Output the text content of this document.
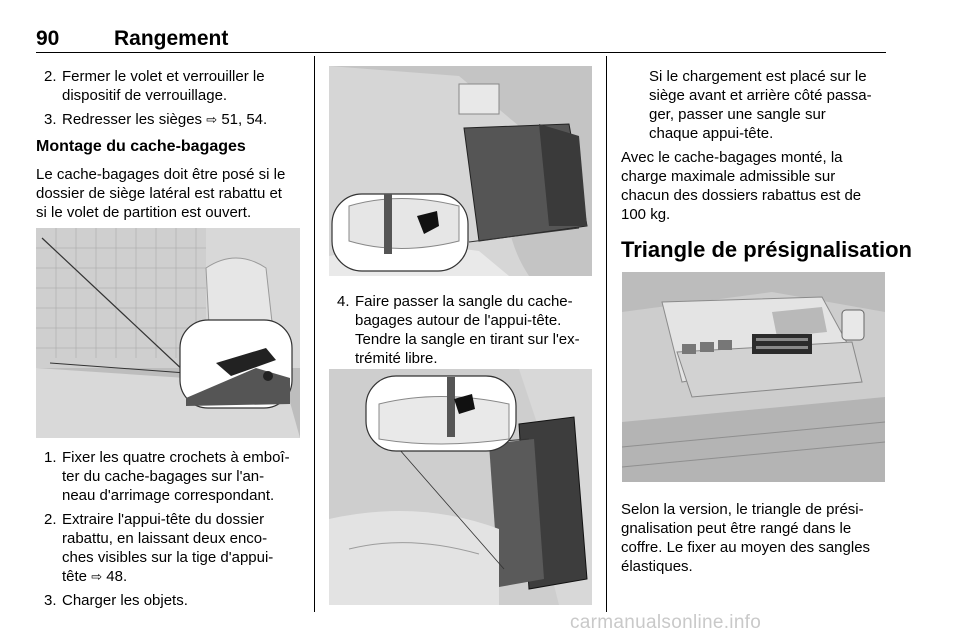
90	Rangement
2. Fermer le volet et verrouiller le
dispositif de verrouillage.
3. Redresser les sièges ⇨ 51, 54.
Montage du cache-bagages
Le cache-bagages doit être posé si le
dossier de siège latéral est rabattu et
si le volet de partition est ouvert.
1. Fixer les quatre crochets à emboî-
ter du cache-bagages sur l'an-
neau d'arrimage correspondant.
2. Extraire l'appui-tête du dossier
rabattu, en laissant deux enco-
ches visibles sur la tige d'appui-
tête ⇨ 48.
3. Charger les objets.
4. Faire passer la sangle du cache-
bagages autour de l'appui-tête.
Tendre la sangle en tirant sur l'ex-
trémité libre.
Si le chargement est placé sur le
siège avant et arrière côté passa-
ger, passer une sangle sur
chaque appui-tête.
Avec le cache-bagages monté, la
charge maximale admissible sur
chacun des dossiers rabattus est de
100 kg.
Triangle de présignalisation
Selon la version, le triangle de prési-
gnalisation peut être rangé dans le
coffre. Le fixer au moyen des sangles
élastiques.
carmanualsonline.info
